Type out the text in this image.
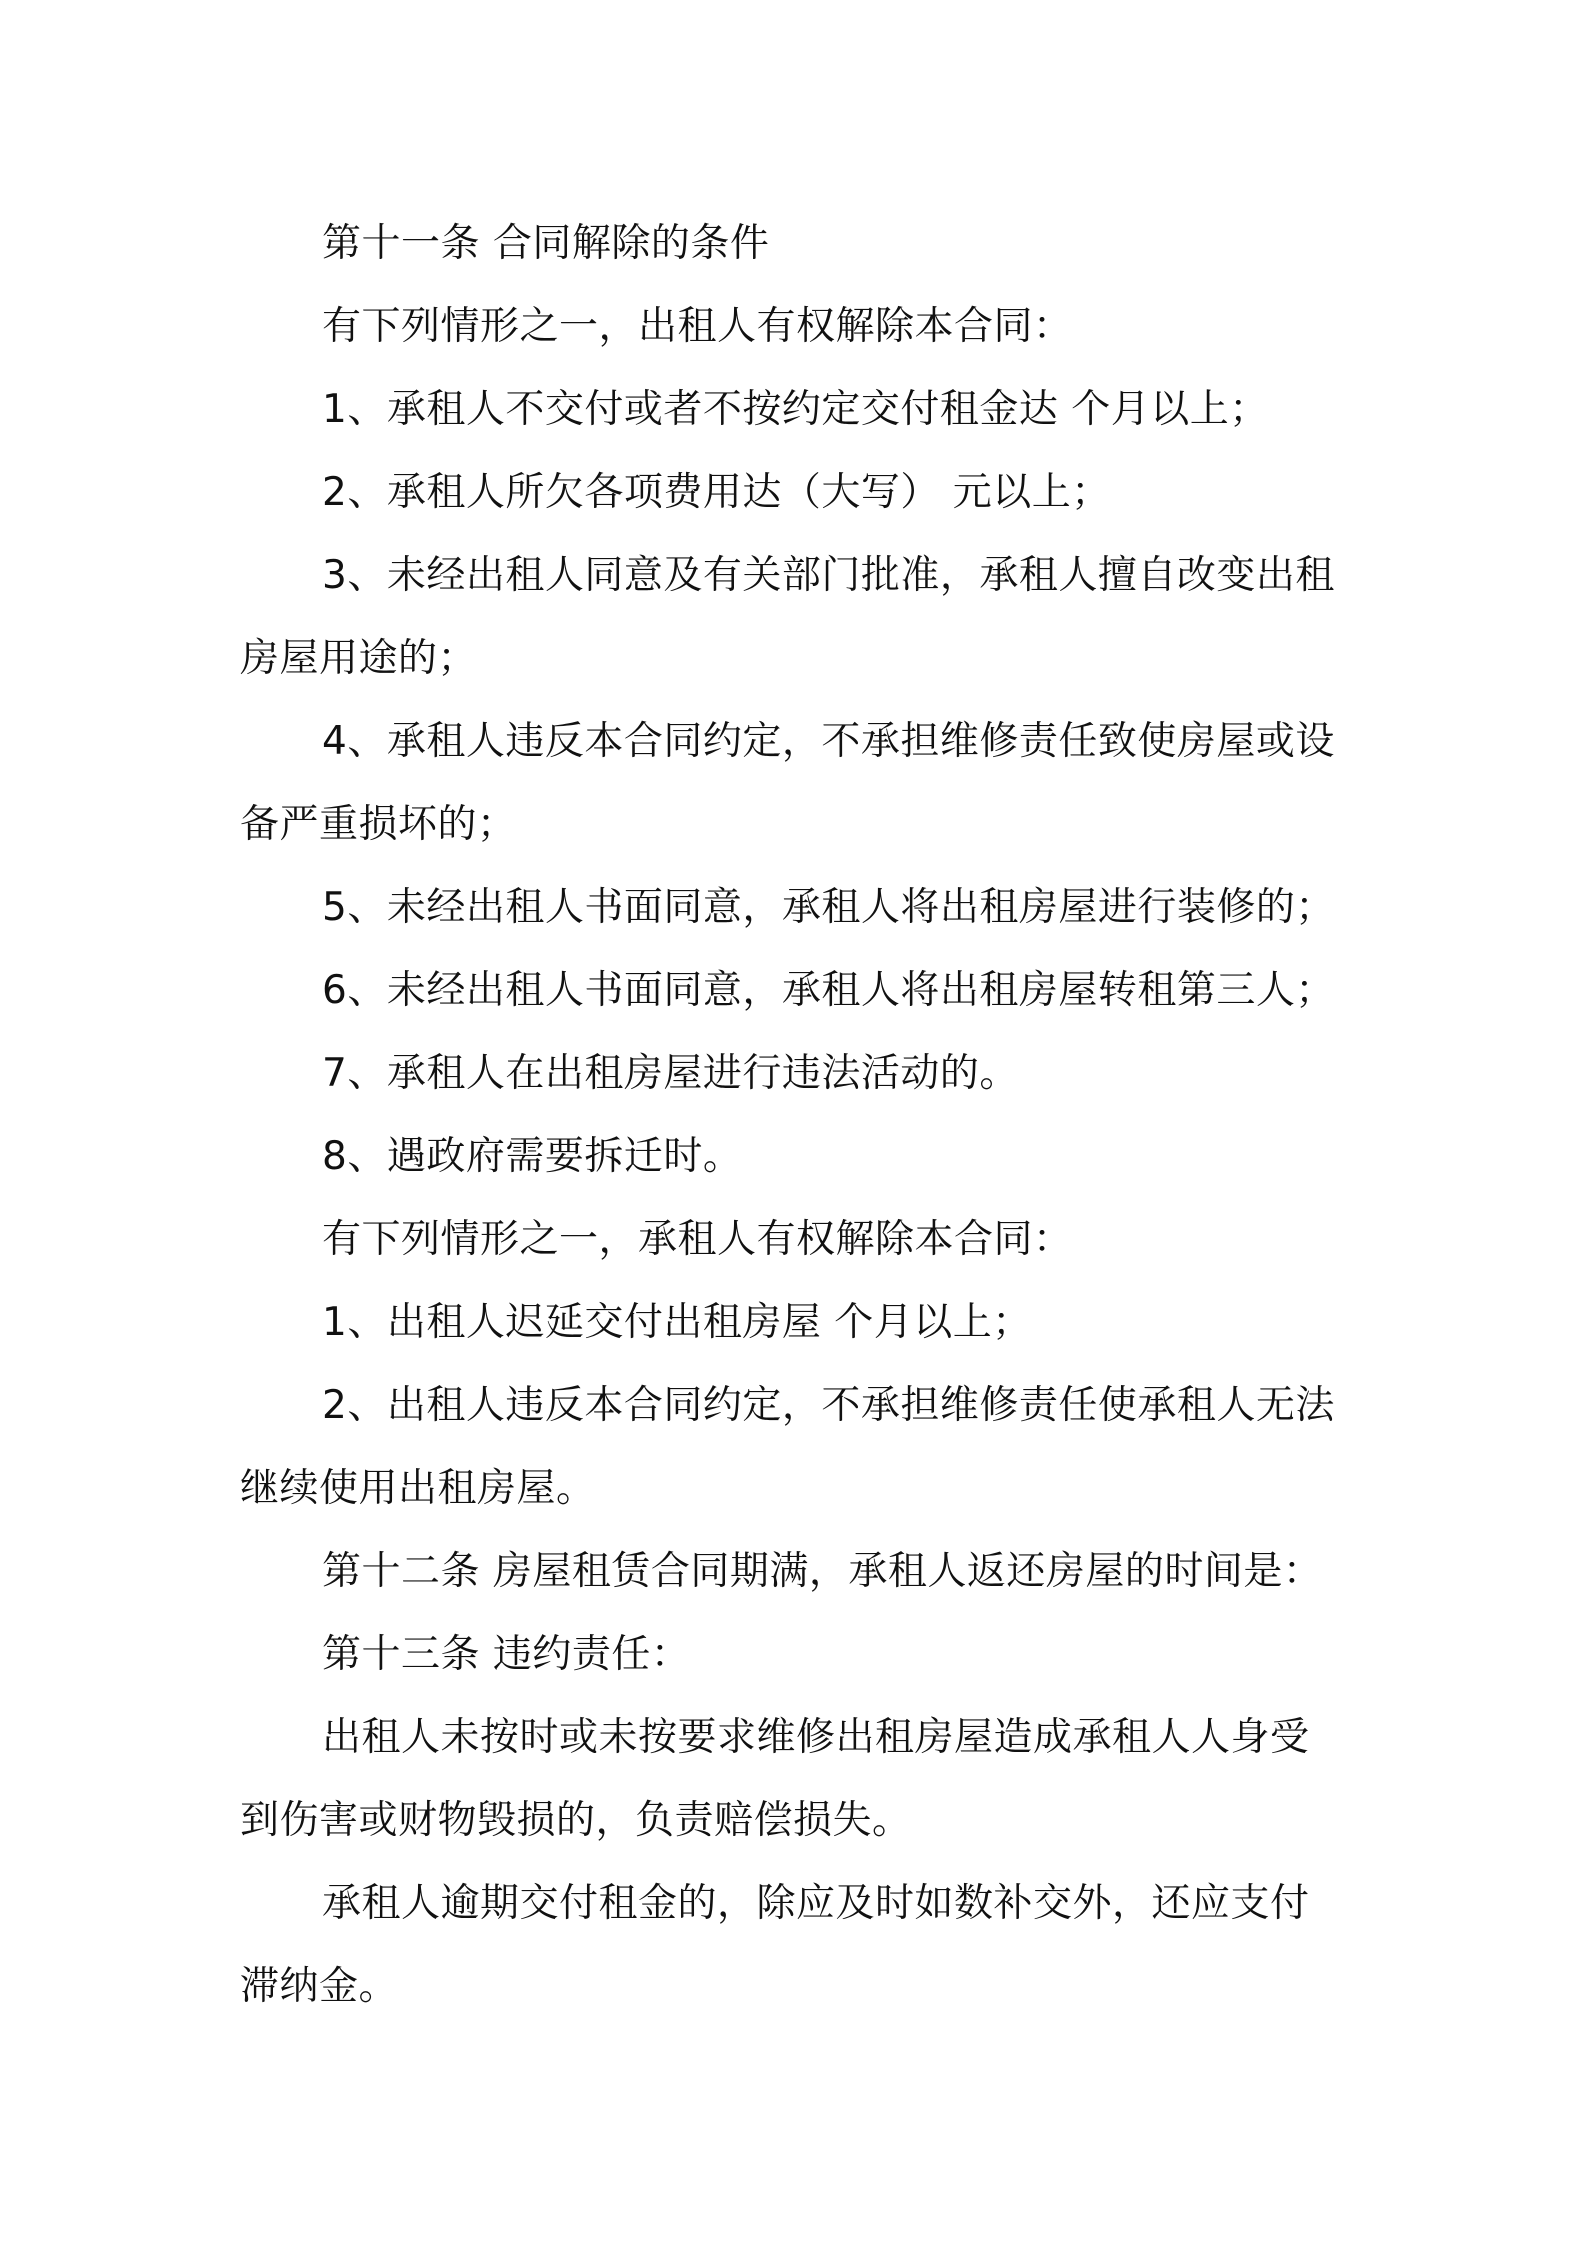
第十一条 合同解除的条件

有下列情形之一，出租人有权解除本合同：

1、承租人不交付或者不按约定交付租金达 个月以上；

2、承租人所欠各项费用达（大写） 元以上；

3、未经出租人同意及有关部门批准，承租人擅自改变出租房屋用途的；

4、承租人违反本合同约定，不承担维修责任致使房屋或设备严重损坏的；

5、未经出租人书面同意，承租人将出租房屋进行装修的；

6、未经出租人书面同意，承租人将出租房屋转租第三人；

7、承租人在出租房屋进行违法活动的。

8、遇政府需要拆迁时。

有下列情形之一，承租人有权解除本合同：

1、出租人迟延交付出租房屋 个月以上；

2、出租人违反本合同约定，不承担维修责任使承租人无法继续使用出租房屋。

第十二条 房屋租赁合同期满，承租人返还房屋的时间是：

第十三条 违约责任：

出租人未按时或未按要求维修出租房屋造成承租人人身受到伤害或财物毁损的，负责赔偿损失。

承租人逾期交付租金的，除应及时如数补交外，还应支付滞纳金。
